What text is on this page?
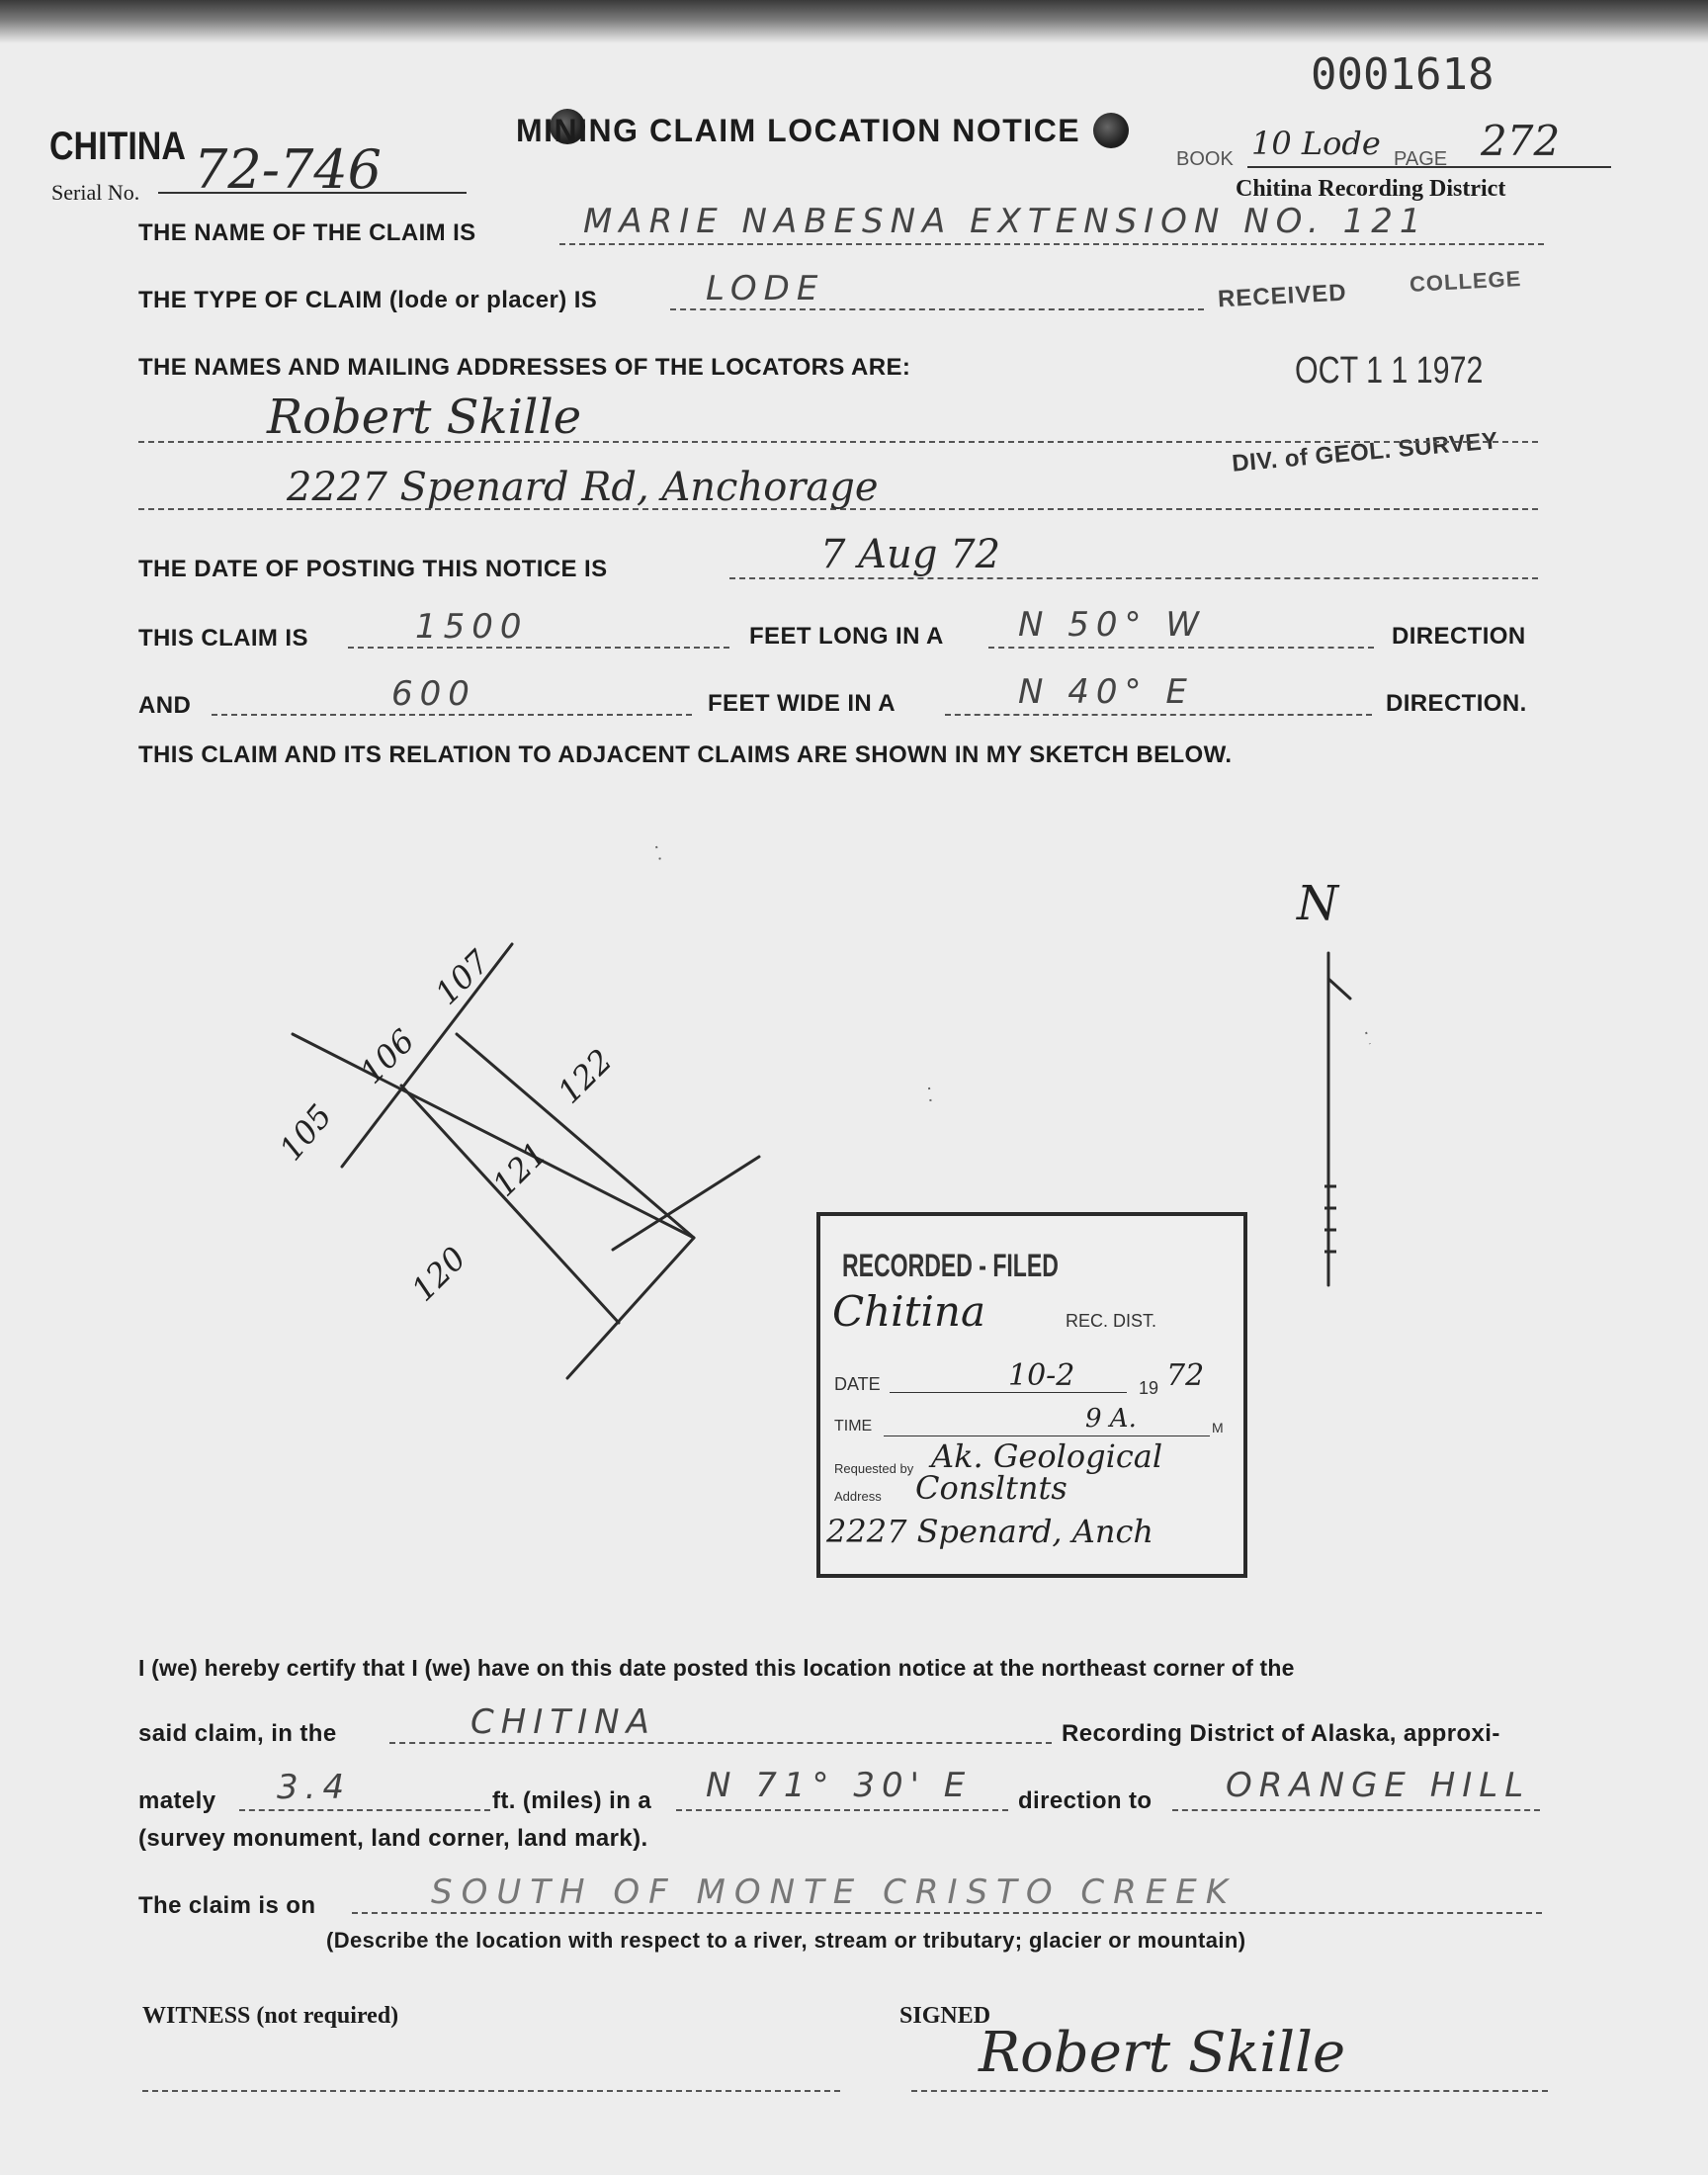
0001618
CHITINA
Serial No. 72-746
MINING CLAIM LOCATION NOTICE
BOOK 10 Lode PAGE 272
Chitina Recording District
RECEIVED	COLLEGE
OCT 1 1 1972
DIV. of GEOL. SURVEY
THE NAME OF THE CLAIM IS	MARIE NABESNA EXTENSION NO. 121
THE TYPE OF CLAIM (lode or placer) IS	LODE
THE NAMES AND MAILING ADDRESSES OF THE LOCATORS ARE:
Robert Skille
2227 Spenard Rd, Anchorage
THE DATE OF POSTING THIS NOTICE IS	7 Aug 72
THIS CLAIM IS	1500	FEET LONG IN A N 50° W	DIRECTION
AND	600	FEET WIDE IN A	N 40° E	DIRECTION.
THIS CLAIM AND ITS RELATION TO ADJACENT CLAIMS ARE SHOWN IN MY SKETCH BELOW.
105
106
107
120
121
122
N
RECORDED - FILED
Chitina	REC. DIST.
DATE	10-2	19 72
TIME	9 A.	M
Requested by Ak. Geological
Address Consltnts
2227 Spenard, Anch
I (we) hereby certify that I (we) have on this date posted this location notice at the northeast corner of the
said claim, in the	CHITINA	Recording District of Alaska, approxi-
mately 3.4	ft. (miles) in a N 71° 30' E direction to ORANGE HILL
(survey monument, land corner, land mark).
The claim is on	SOUTH OF MONTE CRISTO CREEK
(Describe the location with respect to a river, stream or tributary; glacier or mountain)
WITNESS (not required)	SIGNED
Robert Skille
